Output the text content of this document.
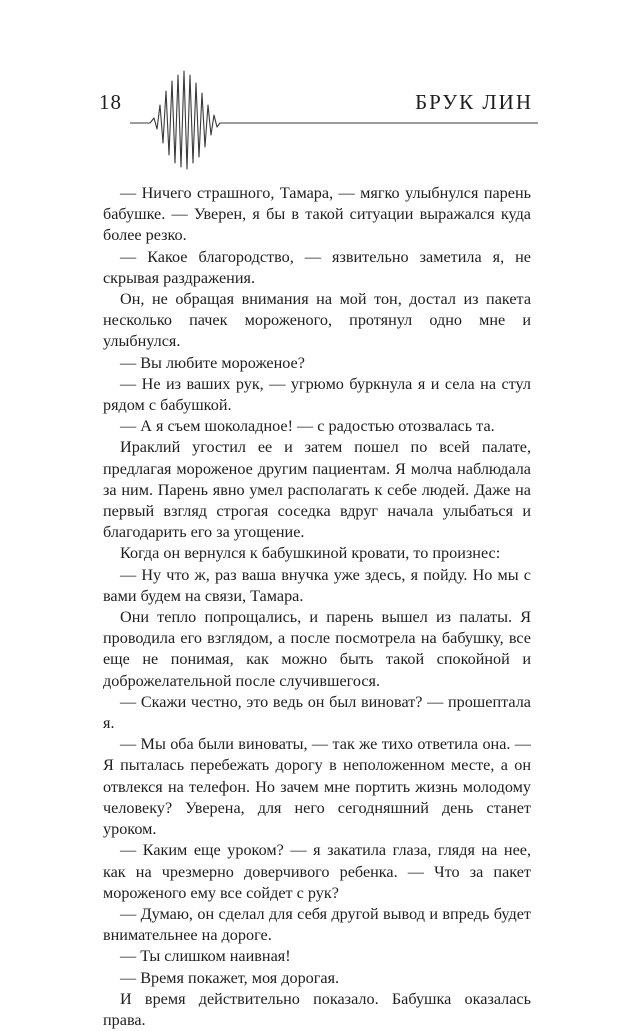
18	БРУК ЛИН

— Ничего страшного, Тамара, — мягко улыбнулся парень бабушке. — Уверен, я бы в такой ситуации выражался куда более резко.

— Какое благородство, — язвительно заметила я, не скрывая раздражения.

Он, не обращая внимания на мой тон, достал из пакета несколько пачек мороженого, протянул одно мне и улыбнулся.

— Вы любите мороженое?

— Не из ваших рук, — угрюмо буркнула я и села на стул рядом с бабушкой.

— А я съем шоколадное! — с радостью отозвалась та.

Ираклий угостил ее и затем пошел по всей палате, предлагая мороженое другим пациентам. Я молча наблюдала за ним. Парень явно умел располагать к себе людей. Даже на первый взгляд строгая соседка вдруг начала улыбаться и благодарить его за угощение.

Когда он вернулся к бабушкиной кровати, то произнес:

— Ну что ж, раз ваша внучка уже здесь, я пойду. Но мы с вами будем на связи, Тамара.

Они тепло попрощались, и парень вышел из палаты. Я проводила его взглядом, а после посмотрела на бабушку, все еще не понимая, как можно быть такой спокойной и доброжелательной после случившегося.

— Скажи честно, это ведь он был виноват? — прошептала я.

— Мы оба были виноваты, — так же тихо ответила она. — Я пыталась перебежать дорогу в неположенном месте, а он отвлекся на телефон. Но зачем мне портить жизнь молодому человеку? Уверена, для него сегодняшний день станет уроком.

— Каким еще уроком? — я закатила глаза, глядя на нее, как на чрезмерно доверчивого ребенка. — Что за пакет мороженого ему все сойдет с рук?

— Думаю, он сделал для себя другой вывод и впредь будет внимательнее на дороге.

— Ты слишком наивная!

— Время покажет, моя дорогая.

И время действительно показало. Бабушка оказалась права.
